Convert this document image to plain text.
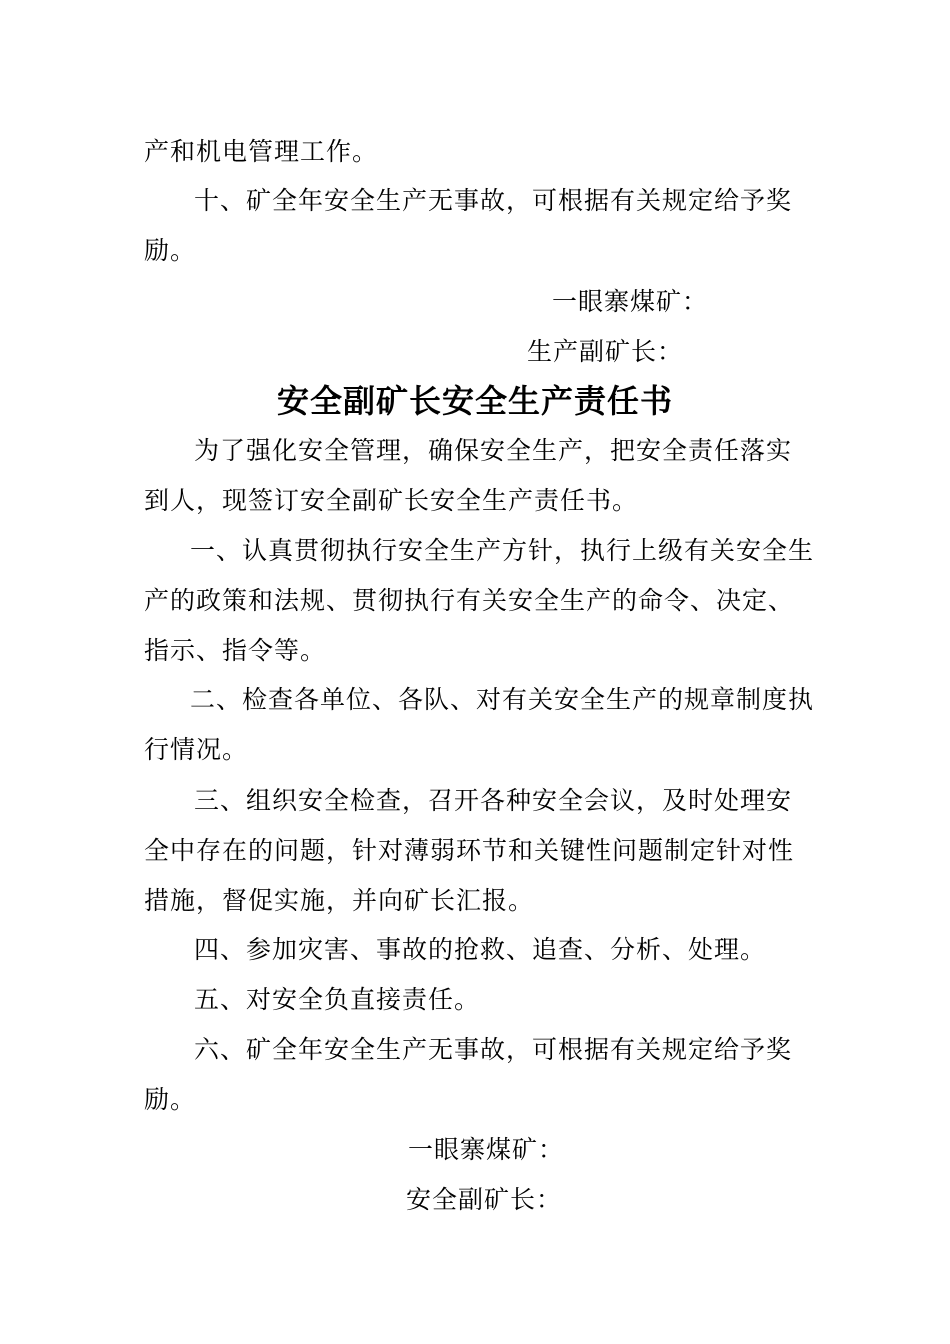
产和机电管理工作。
十、矿全年安全生产无事故，可根据有关规定给予奖
励。
一眼寨煤矿：
生产副矿长：
安全副矿长安全生产责任书
为了强化安全管理，确保安全生产，把安全责任落实
到人，现签订安全副矿长安全生产责任书。
一、认真贯彻执行安全生产方针，执行上级有关安全生
产的政策和法规、贯彻执行有关安全生产的命令、决定、
指示、指令等。
二、检查各单位、各队、对有关安全生产的规章制度执
行情况。
三、组织安全检查，召开各种安全会议，及时处理安
全中存在的问题，针对薄弱环节和关键性问题制定针对性
措施，督促实施，并向矿长汇报。
四、参加灾害、事故的抢救、追查、分析、处理。
五、对安全负直接责任。
六、矿全年安全生产无事故，可根据有关规定给予奖
励。
一眼寨煤矿：
安全副矿长：
